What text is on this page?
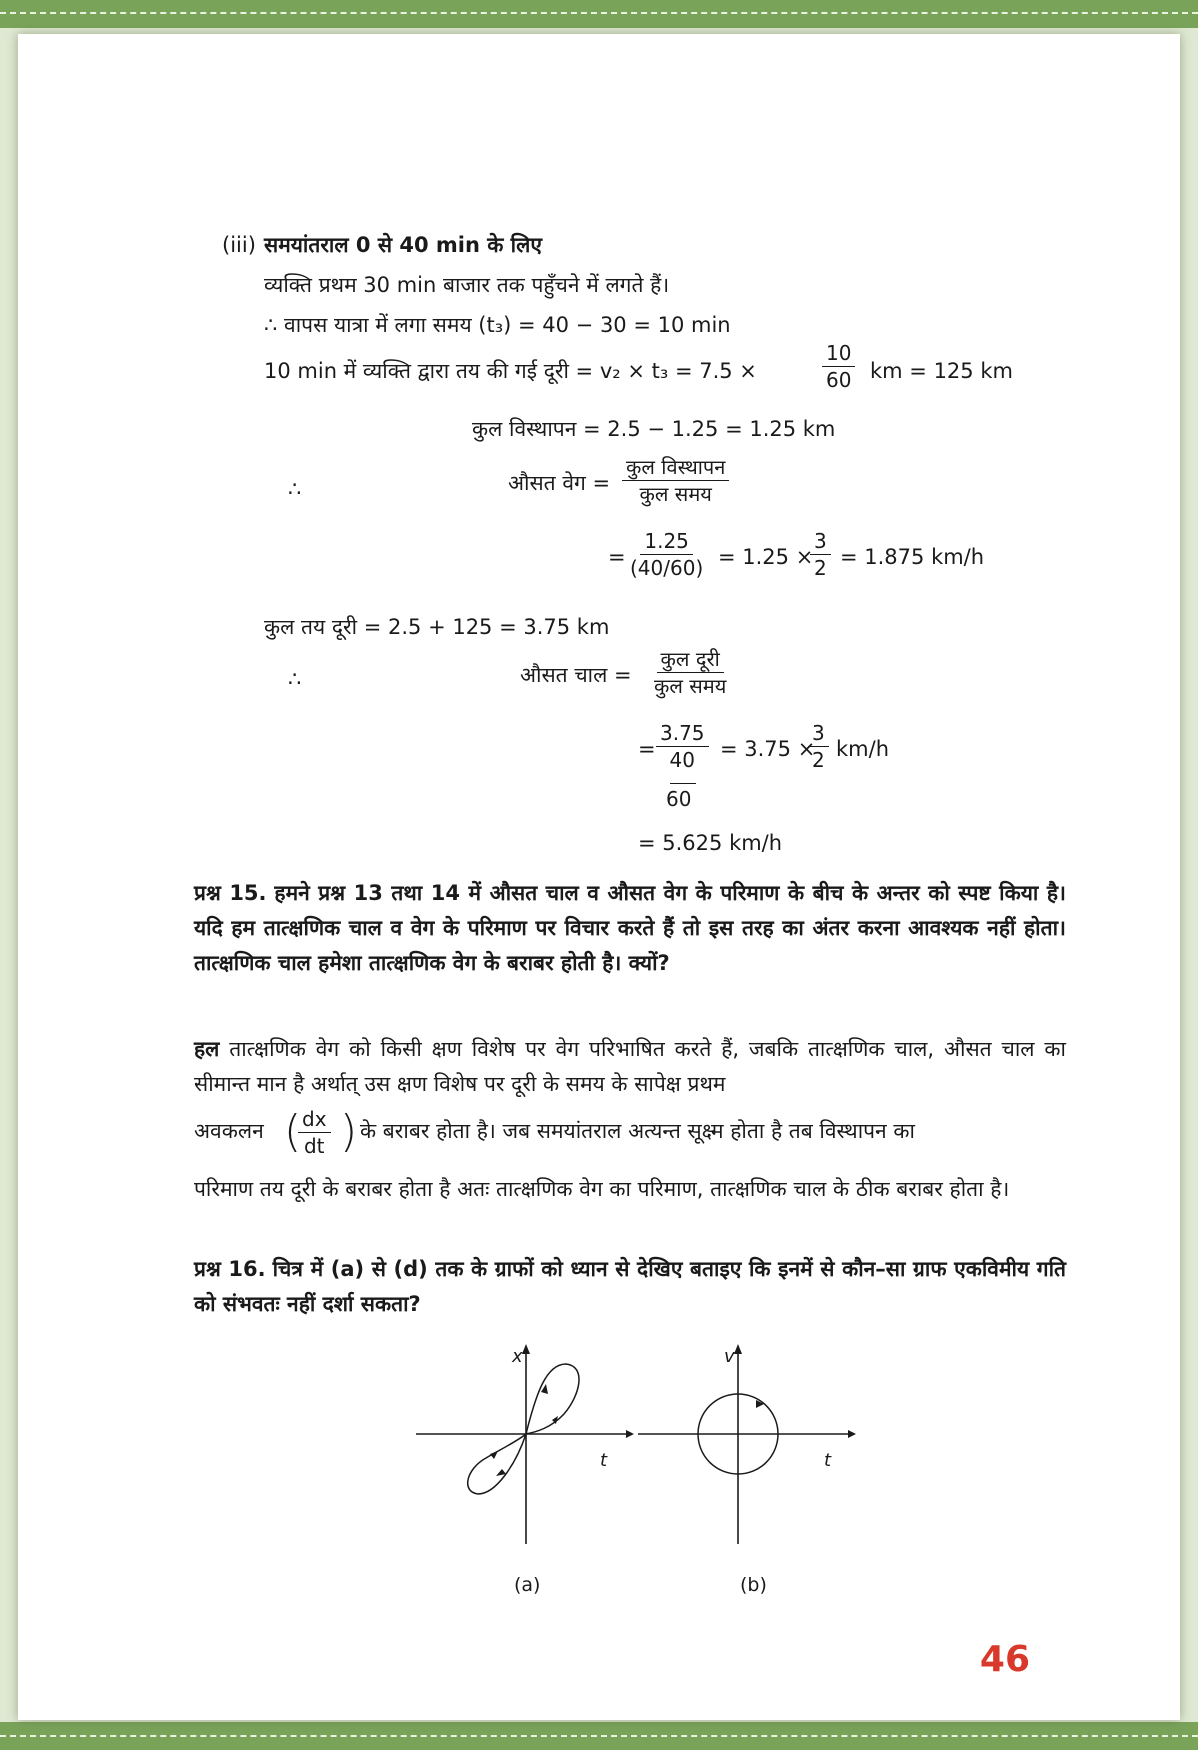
(iii) समयांतराल 0 से 40 min के लिए
व्यक्ति प्रथम 30 min बाजार तक पहुँचने में लगते हैं।
∴ वापस यात्रा में लगा समय (t₃) = 40 − 30 = 10 min
10 min में व्यक्ति द्वारा तय की गई दूरी = v₂ × t₃ = 7.5 ×	$\frac{10}{60}$ km = 125 km
कुल विस्थापन = 2.5 − 1.25 = 1.25 km
∴	औसत वेग =
कुल विस्थापन
कुल समय
= $\frac{1.25}{(40/60)} = 1.25$ ×
$\frac{3}{2} = 1.875$ km/h
कुल तय दूरी = 2.5 + 125 = 3.75 km
∴	औसत चाल =
कुल दूरी
कुल समय
= $\frac{3.75}{40}$
60
= 3.75 ×
$\frac{3}{2} km/h$
= 5.625 km/h
प्रश्न 15. हमने प्रश्न 13 तथा 14 में औसत चाल व औसत वेग के परिमाण के बीच के अन्तर को स्पष्ट किया है। यदि हम तात्क्षणिक चाल व वेग के परिमाण पर विचार करते हैं तो इस तरह का अंतर करना आवश्यक नहीं होता। तात्क्षणिक चाल हमेशा तात्क्षणिक वेग के बराबर होती है। क्यों?
हल तात्क्षणिक वेग को किसी क्षण विशेष पर वेग परिभाषित करते हैं, जबकि तात्क्षणिक चाल, औसत चाल का सीमान्त मान है अर्थात् उस क्षण विशेष पर दूरी के समय के सापेक्ष प्रथम
अवकलन (
$\frac{dx}{dt}$ ) के बराबर होता है। जब समयांतराल अत्यन्त सूक्ष्म होता है तब विस्थापन का
परिमाण तय दूरी के बराबर होता है अतः तात्क्षणिक वेग का परिमाण, तात्क्षणिक चाल के ठीक बराबर होता है।
प्रश्न 16. चित्र में (a) से (d) तक के ग्राफों को ध्यान से देखिए बताइए कि इनमें से कौन–सा ग्राफ एकविमीय गति को संभवतः नहीं दर्शा सकता?
x
t
(a)
v
t
(b)
46
